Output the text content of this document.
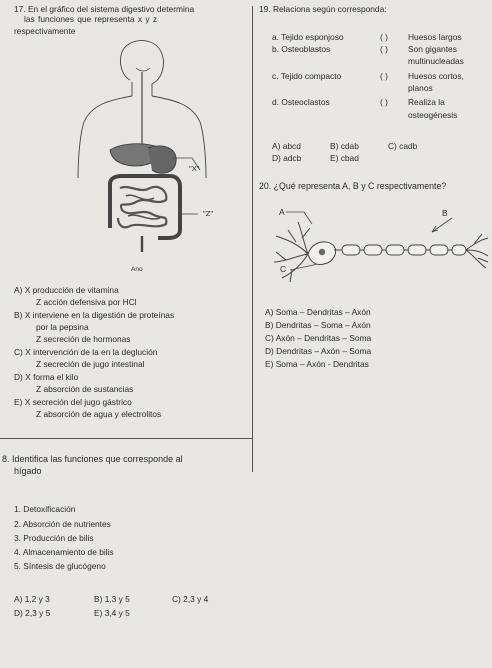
17. En el gráfico del sistema digestivo determina
las funciones que representa x y z
respectivamente
"X"
"Z"
Ano
A) X producción de vitamina
Z acción defensiva por HCl
B) X interviene en la digestión de proteínas
por la pepsina
Z secreción de hormonas
C) X intervención de la en la deglución
Z secreción de jugo intestinal
D) X forma el kilo
Z absorción de sustancias
E) X secreción del jugo gástrico
Z absorción de agua y electrolitos
8. Identifica las funciones que corresponde al
hígado
1. Detoxificación
2. Absorción de nutrientes
3. Producción de bilis
4. Almacenamiento de bilis
5. Síntesis de glucógeno
A) 1,2 y 3	B) 1,3 y 5	C) 2,3 y 4
D) 2,3 y 5	E) 3,4 y 5
19. Relaciona según corresponda:
a. Tejido esponjoso	( ) Huesos largos
b. Osteoblastos	( ) Son gigantes
multinucleadas
c. Tejido compacto	( ) Huesos cortos,
planos
d. Osteoclastos	( ) Realiza la
osteogénesis
A) abcd	B) cdab	C) cadb
D) adcb	E) cbad
20. ¿Qué representa A, B y C respectivamente?
A	B
C
A) Soma – Dendritas – Axón
B) Dendritas – Soma – Axón
C) Axón – Dendritas – Soma
D) Dendritas – Axón – Soma
E) Soma – Axón - Dendritas
